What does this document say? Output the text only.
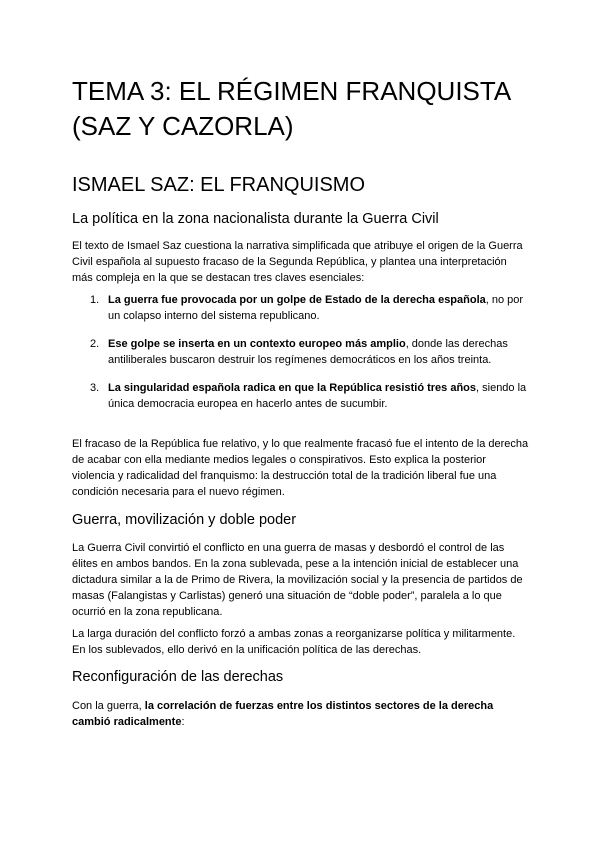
TEMA 3: EL RÉGIMEN FRANQUISTA
(SAZ Y CAZORLA)
ISMAEL SAZ: EL FRANQUISMO
La política en la zona nacionalista durante la Guerra Civil

El texto de Ismael Saz cuestiona la narrativa simplificada que atribuye el origen de la Guerra Civil española al supuesto fracaso de la Segunda República, y plantea una interpretación más compleja en la que se destacan tres claves esenciales:

1. La guerra fue provocada por un golpe de Estado de la derecha española, no por un colapso interno del sistema republicano.
2. Ese golpe se inserta en un contexto europeo más amplio, donde las derechas antiliberales buscaron destruir los regímenes democráticos en los años treinta.
3. La singularidad española radica en que la República resistió tres años, siendo la única democracia europea en hacerlo antes de sucumbir.

El fracaso de la República fue relativo, y lo que realmente fracasó fue el intento de la derecha de acabar con ella mediante medios legales o conspirativos. Esto explica la posterior violencia y radicalidad del franquismo: la destrucción total de la tradición liberal fue una condición necesaria para el nuevo régimen.

Guerra, movilización y doble poder

La Guerra Civil convirtió el conflicto en una guerra de masas y desbordó el control de las élites en ambos bandos. En la zona sublevada, pese a la intención inicial de establecer una dictadura similar a la de Primo de Rivera, la movilización social y la presencia de partidos de masas (Falangistas y Carlistas) generó una situación de “doble poder”, paralela a lo que ocurrió en la zona republicana.

La larga duración del conflicto forzó a ambas zonas a reorganizarse política y militarmente. En los sublevados, ello derivó en la unificación política de las derechas.

Reconfiguración de las derechas

Con la guerra, la correlación de fuerzas entre los distintos sectores de la derecha cambió radicalmente:
